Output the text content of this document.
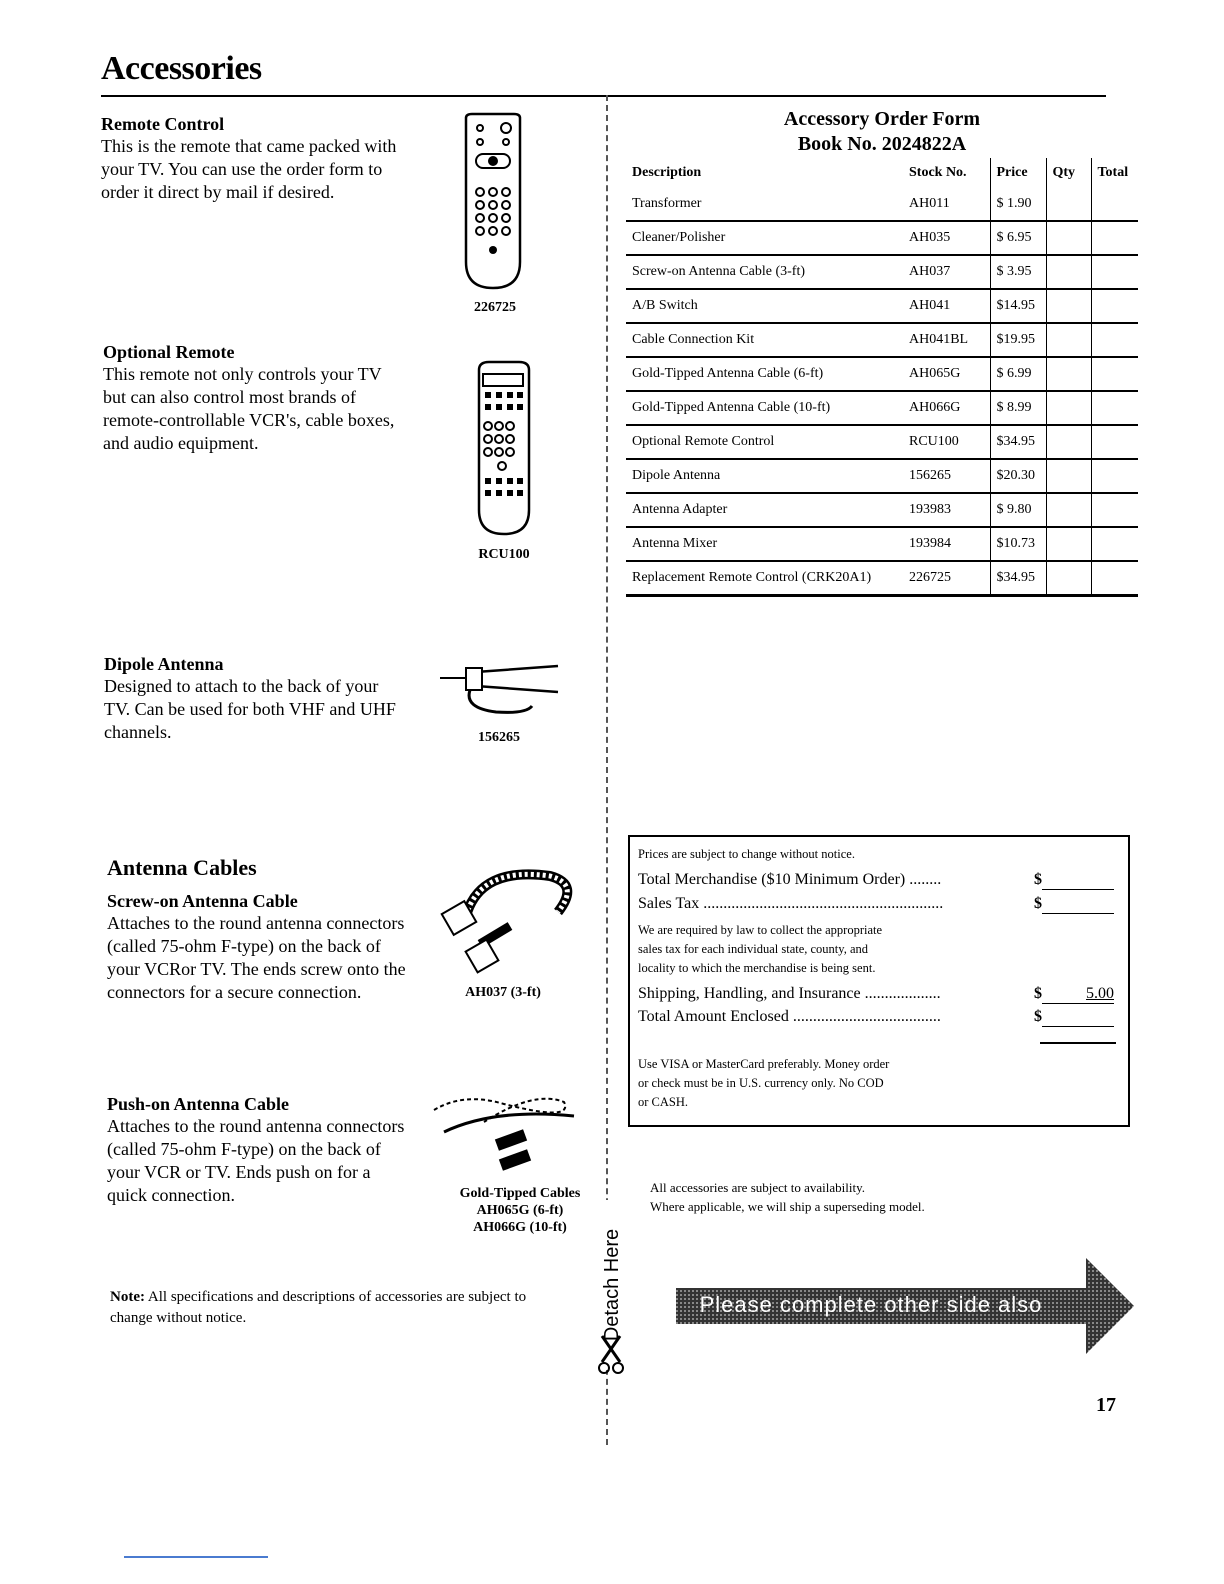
Accessories
Remote Control
This is the remote that came packed with your TV. You can use the order form to order it direct by mail if desired.
226725
Optional Remote
This remote not only controls your TV but can also control most brands of remote-controllable VCR's, cable boxes, and audio equipment.
RCU100
Dipole Antenna
Designed to attach to the back of your TV. Can be used for both VHF and UHF channels.	156265
Antenna Cables
Screw-on Antenna Cable
Attaches to the round antenna connectors (called 75-ohm F-type) on the back of your VCRor TV. The ends screw onto the connectors for a secure connection.	AH037 (3-ft)
Push-on Antenna Cable
Attaches to the round antenna connectors (called 75-ohm F-type) on the back of your VCR or TV. Ends push on for a quick connection.	Gold-Tipped Cables
AH065G (6-ft)
AH066G (10-ft)
Note: All specifications and descriptions of accessories are subject to change without notice.	Detach Here
Accessory Order Form
Book No. 2024822A
Description	Stock No.	Price	Qty	Total
Transformer	AH011	$ 1.90		
Cleaner/Polisher	AH035	$ 6.95		
Screw-on Antenna Cable (3-ft)	AH037	$ 3.95		
A/B Switch	AH041	$14.95		
Cable Connection Kit	AH041BL	$19.95		
Gold-Tipped Antenna Cable (6-ft)	AH065G	$ 6.99		
Gold-Tipped Antenna Cable (10-ft)	AH066G	$ 8.99		
Optional Remote Control	RCU100	$34.95		
Dipole Antenna	156265	$20.30		
Antenna Adapter	193983	$ 9.80		
Antenna Mixer	193984	$10.73		
Replacement Remote Control (CRK20A1)	226725	$34.95		
Prices are subject to change without notice.
Total Merchandise ($10 Minimum Order) ........	$
Sales Tax ............................................................	$
We are required by law to collect the appropriate
sales tax for each individual state, county, and
locality to which the merchandise is being sent.
Shipping, Handling, and Insurance ...................	$	5.00
Total Amount Enclosed .....................................	$
Use VISA or MasterCard preferably. Money order
or check must be in U.S. currency only. No COD
or CASH.
All accessories are subject to availability.
Where applicable, we will ship a superseding model.
Please complete other side also
17
